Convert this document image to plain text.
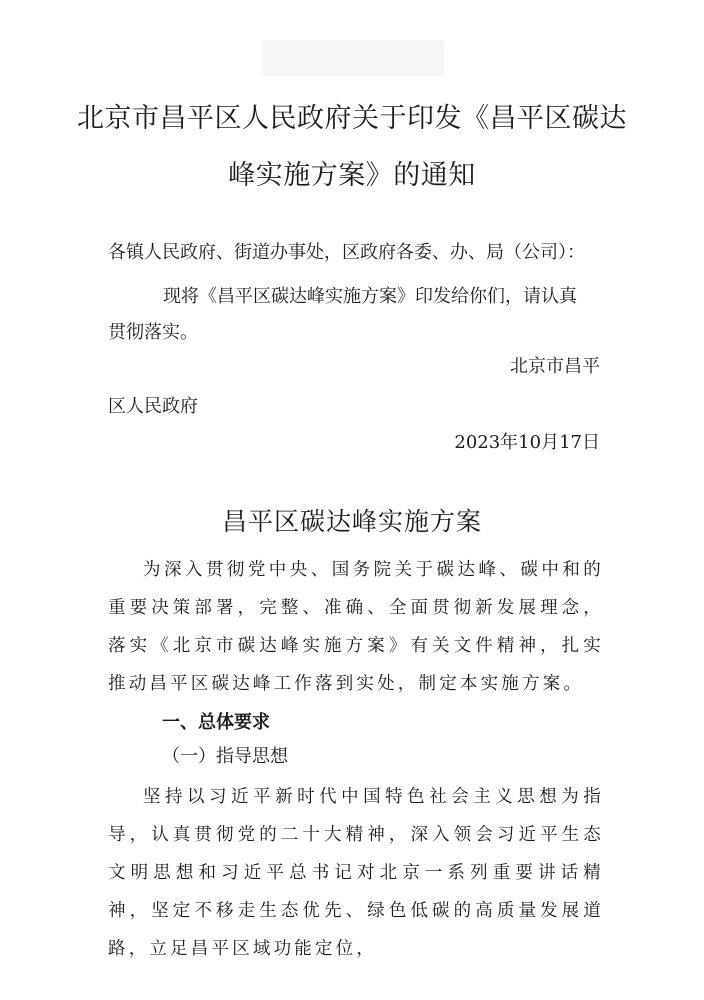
北京市昌平区人民政府关于印发《昌平区碳达
峰实施方案》的通知

各镇人民政府、街道办事处，区政府各委、办、局（公司）：

现将《昌平区碳达峰实施方案》印发给你们，请认真

贯彻落实。

北京市昌平

区人民政府

2023年10月17日

昌平区碳达峰实施方案

为深入贯彻党中央、国务院关于碳达峰、碳中和的重要决策部署，完整、准确、全面贯彻新发展理念，落实《北京市碳达峰实施方案》有关文件精神，扎实推动昌平区碳达峰工作落到实处，制定本实施方案。

一、总体要求

（一）指导思想

坚持以习近平新时代中国特色社会主义思想为指导，认真贯彻党的二十大精神，深入领会习近平生态文明思想和习近平总书记对北京一系列重要讲话精神，坚定不移走生态优先、绿色低碳的高质量发展道路，立足昌平区域功能定位，
